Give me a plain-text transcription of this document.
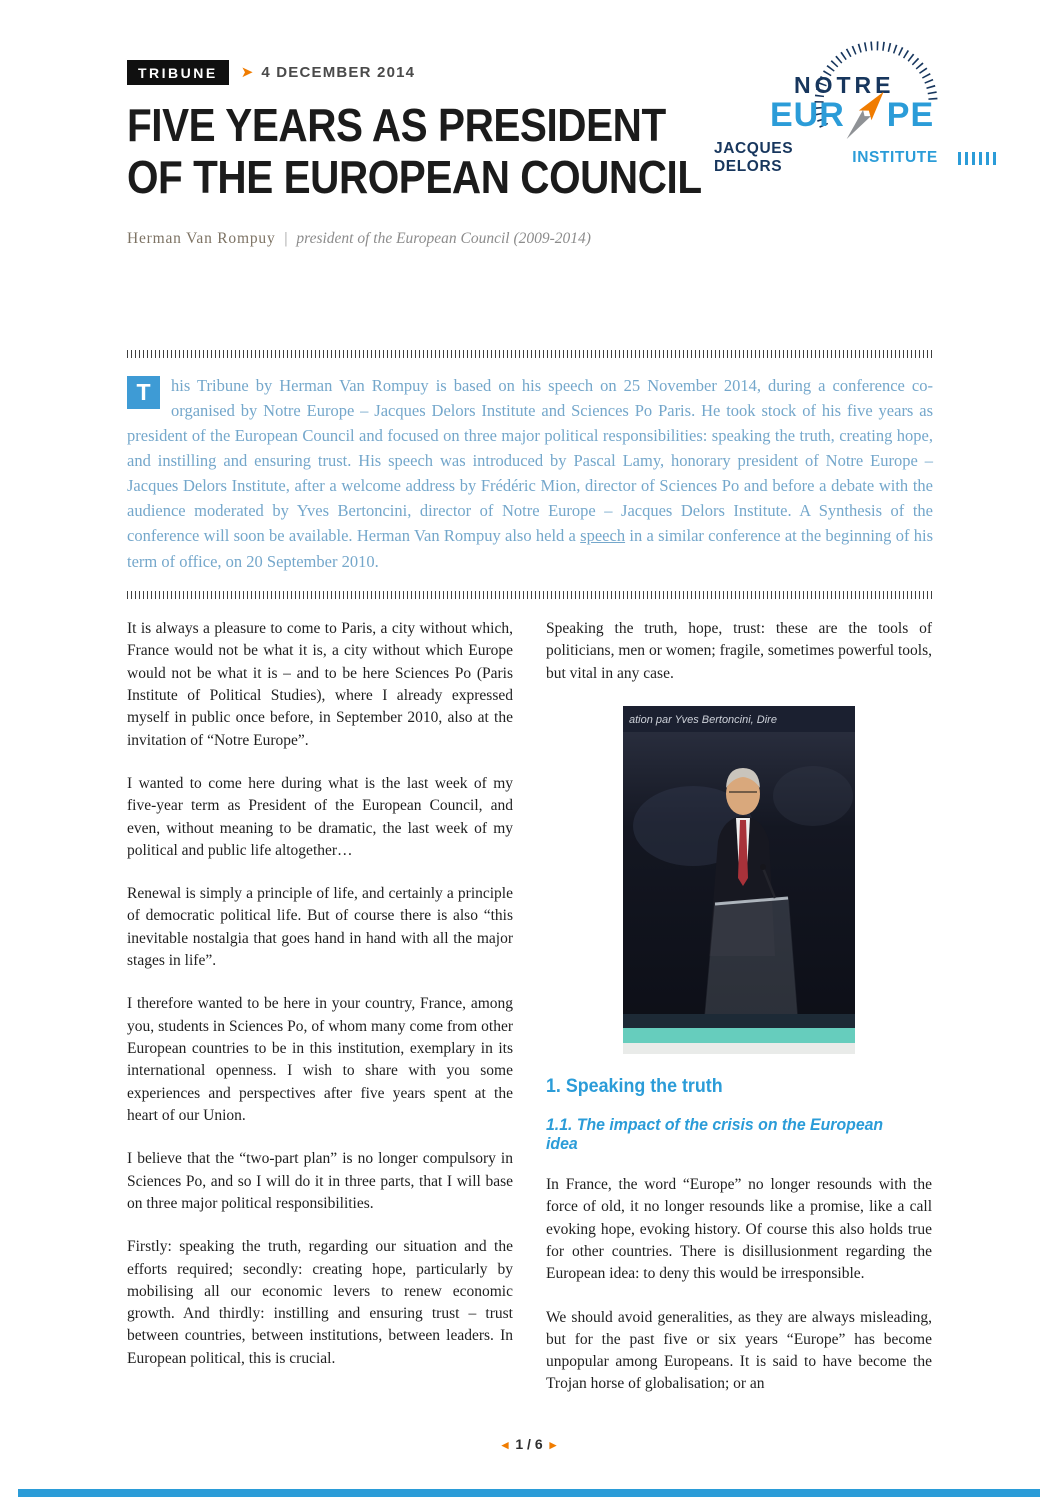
TRIBUNE	➤ 4 DECEMBER 2014	NOTRE
EUR PE
JACQUES DELORS
INSTITUTE
FIVE YEARS AS PRESIDENT
OF THE EUROPEAN COUNCIL
Herman Van Rompuy | president of the European Council (2009-2014)
T	his Tribune by Herman Van Rompuy is based on his speech on 25 November 2014, during a conference co-organised by Notre Europe – Jacques Delors Institute and Sciences Po Paris. He took stock of his five years as president of the European Council and focused on three major political responsibilities: speaking the truth, creating hope, and instilling and ensuring trust. His speech was introduced by Pascal Lamy, honorary president of Notre Europe – Jacques Delors Institute, after a welcome address by Frédéric Mion, director of Sciences Po and before a debate with the audience moderated by Yves Bertoncini, director of Notre Europe – Jacques Delors Institute. A Synthesis of the conference will soon be available. Herman Van Rompuy also held a speech in a similar conference at the beginning of his term of office, on 20 September 2010.

It is always a pleasure to come to Paris, a city without which, France would not be what it is, a city without which Europe would not be what it is – and to be here Sciences Po (Paris Institute of Political Studies), where I already expressed myself in public once before, in September 2010, also at the invitation of “Notre Europe”.

I wanted to come here during what is the last week of my five-year term as President of the European Council, and even, without meaning to be dramatic, the last week of my political and public life altogether…

Renewal is simply a principle of life, and certainly a principle of democratic political life. But of course there is also “this inevitable nostalgia that goes hand in hand with all the major stages in life”.

I therefore wanted to be here in your country, France, among you, students in Sciences Po, of whom many come from other European countries to be in this institution, exemplary in its international openness. I wish to share with you some experiences and perspectives after five years spent at the heart of our Union.

I believe that the “two-part plan” is no longer compulsory in Sciences Po, and so I will do it in three parts, that I will base on three major political responsibilities.

Firstly: speaking the truth, regarding our situation and the efforts required; secondly: creating hope, particularly by mobilising all our economic levers to renew economic growth. And thirdly: instilling and ensuring trust – trust between countries, between institutions, between leaders. In European political, this is crucial.

Speaking the truth, hope, trust: these are the tools of politicians, men or women; fragile, sometimes powerful tools, but vital in any case.

ation par Yves Bertoncini, Dire
1. Speaking the truth
1.1. The impact of the crisis on the European idea

In France, the word “Europe” no longer resounds with the force of old, it no longer resounds like a promise, like a call evoking hope, evoking history. Of course this also holds true for other countries. There is disillusionment regarding the European idea: to deny this would be irresponsible.

We should avoid generalities, as they are always misleading, but for the past five or six years “Europe” has become unpopular among Europeans. It is said to have become the Trojan horse of globalisation; or an

◂ 1 / 6 ▸
